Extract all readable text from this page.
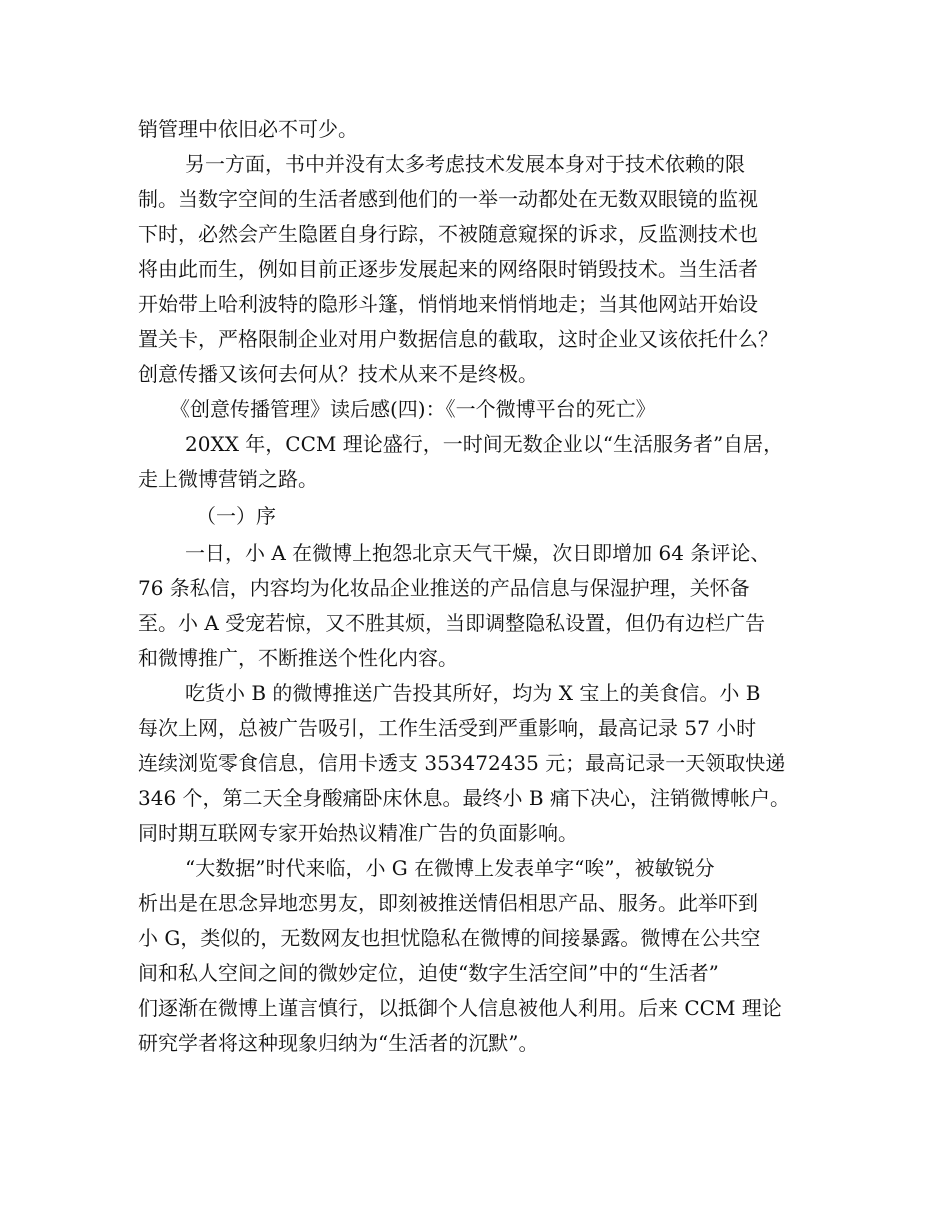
销管理中依旧必不可少。
另一方面，书中并没有太多考虑技术发展本身对于技术依赖的限
制。当数字空间的生活者感到他们的一举一动都处在无数双眼镜的监视
下时，必然会产生隐匿自身行踪，不被随意窥探的诉求，反监测技术也
将由此而生，例如目前正逐步发展起来的网络限时销毁技术。当生活者
开始带上哈利波特的隐形斗篷，悄悄地来悄悄地走；当其他网站开始设
置关卡，严格限制企业对用户数据信息的截取，这时企业又该依托什么？
创意传播又该何去何从？技术从来不是终极。
《创意传播管理》读后感(四)：《一个微博平台的死亡》
20XX 年，CCM 理论盛行，一时间无数企业以“生活服务者”自居，
走上微博营销之路。
（一）序
一日，小 A 在微博上抱怨北京天气干燥，次日即增加 64 条评论、
76 条私信，内容均为化妆品企业推送的产品信息与保湿护理，关怀备
至。小 A 受宠若惊，又不胜其烦，当即调整隐私设置，但仍有边栏广告
和微博推广，不断推送个性化内容。
吃货小 B 的微博推送广告投其所好，均为 X 宝上的美食信。小 B
每次上网，总被广告吸引，工作生活受到严重影响，最高记录 57 小时
连续浏览零食信息，信用卡透支 353472435 元；最高记录一天领取快递
346 个，第二天全身酸痛卧床休息。最终小 B 痛下决心，注销微博帐户。
同时期互联网专家开始热议精准广告的负面影响。
“大数据”时代来临，小 G 在微博上发表单字“唉”，被敏锐分
析出是在思念异地恋男友，即刻被推送情侣相思产品、服务。此举吓到
小 G，类似的，无数网友也担忧隐私在微博的间接暴露。微博在公共空
间和私人空间之间的微妙定位，迫使“数字生活空间”中的“生活者”
们逐渐在微博上谨言慎行，以抵御个人信息被他人利用。后来 CCM 理论
研究学者将这种现象归纳为“生活者的沉默”。
